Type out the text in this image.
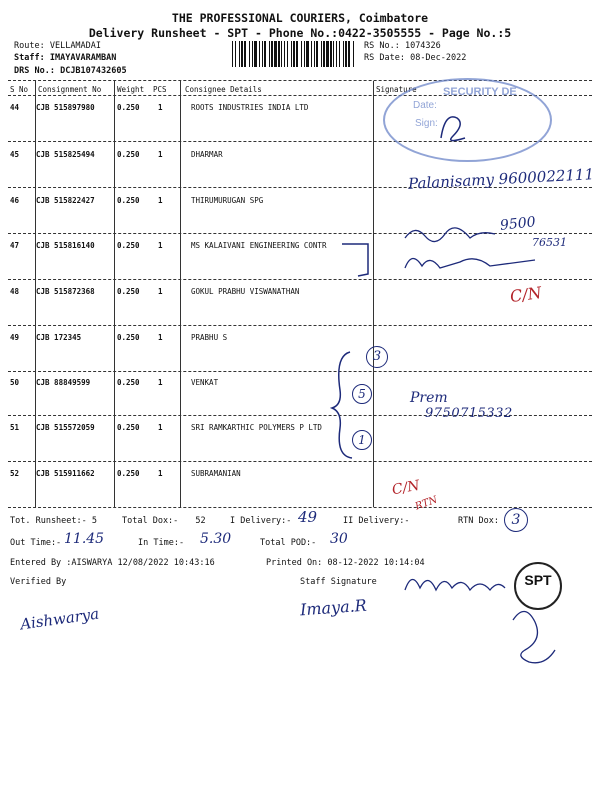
THE PROFESSIONAL COURIERS, Coimbatore
Delivery Runsheet - SPT - Phone No.:0422-3505555 - Page No.:5
Route: VELLAMADAI
Staff: IMAYAVARAMBAN
DRS No.: DCJB107432605
RS No.: 1074326
RS Date: 08-Dec-2022
S No Consignment No Weight PCS Consignee Details	Signature
44 CJB 515897980	0.250 1	ROOTS INDUSTRIES INDIA LTD
45 CJB 515825494	0.250 1	DHARMAR
46 CJB 515822427	0.250 1	THIRUMURUGAN SPG
47 CJB 515816140	0.250 1	MS KALAIVANI ENGINEERING CONTR
48 CJB 515872368	0.250 1	GOKUL PRABHU VISWANATHAN
49 CJB 172345	0.250 1	PRABHU S
50 CJB 88849599	0.250 1	VENKAT
51 CJB 515572059	0.250 1	SRI RAMKARTHIC POLYMERS P LTD
52 CJB 515911662	0.250 1	SUBRAMANIAN
Tot. Runsheet:- 5	Total Dox:- 52	I Delivery:- 49	II Delivery:-	RTN Dox: 3
Out Time:- 11.45	In Time:- 5.30	Total POD:- 30
Entered By :AISWARYA 12/08/2022 10:43:16	Printed On: 08-12-2022 10:14:04
Verified By	Staff Signature
Palanisamy 9600022111
9500
76531
C/N
Prem
9750715332
3
5
1
C/N
RTN
Aishwarya	Imaya.R
SECURITY DE
Date:
Sign:
SPT
